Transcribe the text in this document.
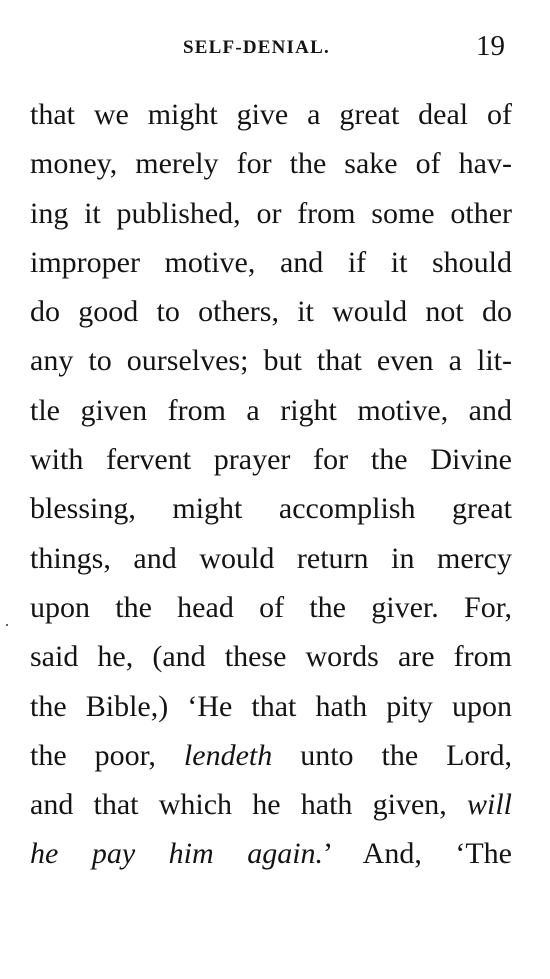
SELF-DENIAL.	19
that we might give a great deal of
money, merely for the sake of hav-
ing it published, or from some other
improper motive, and if it should
do good to others, it would not do
any to ourselves; but that even a lit-
tle given from a right motive, and
with fervent prayer for the Divine
blessing, might accomplish great
things, and would return in mercy
upon the head of the giver. For,
said he, (and these words are from
the Bible,) ‘He that hath pity upon
the poor, lendeth unto the Lord,
and that which he hath given, will
he pay him again.’ And, ‘The
